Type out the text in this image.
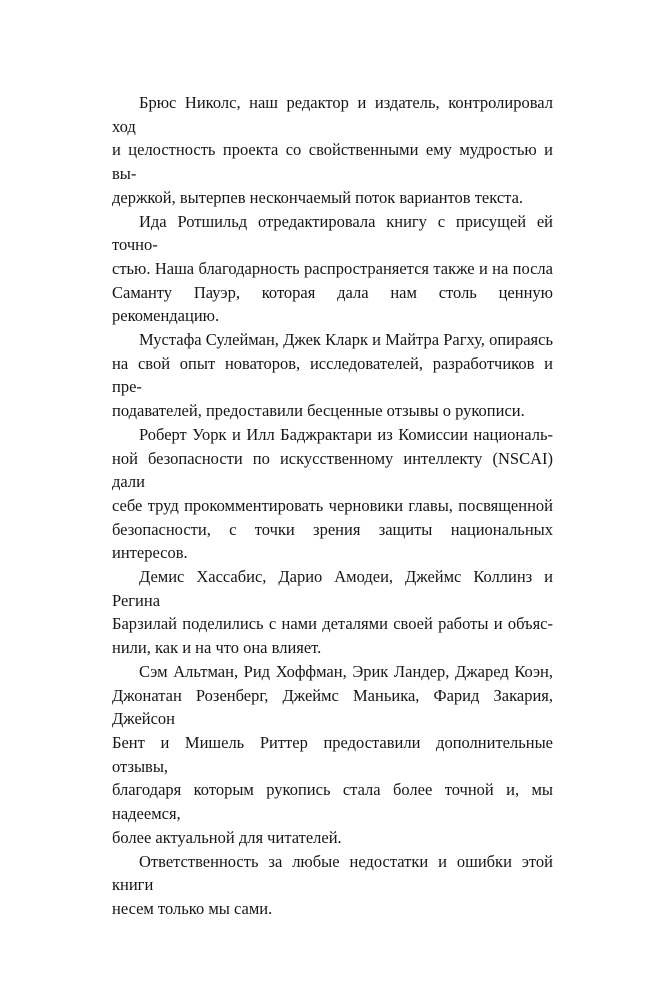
Брюс Николс, наш редактор и издатель, контролировал ход
и целостность проекта со свойственными ему мудростью и вы-
держкой, вытерпев нескончаемый поток вариантов текста.

Ида Ротшильд отредактировала книгу с присущей ей точно-
стью. Наша благодарность распространяется также и на посла
Саманту Пауэр, которая дала нам столь ценную рекомендацию.

Мустафа Сулейман, Джек Кларк и Майтра Рагху, опираясь
на свой опыт новаторов, исследователей, разработчиков и пре-
подавателей, предоставили бесценные отзывы о рукописи.

Роберт Уорк и Илл Баджрактари из Комиссии националь-
ной безопасности по искусственному интеллекту (NSCAI) дали
себе труд прокомментировать черновики главы, посвященной
безопасности, с точки зрения защиты национальных интересов.

Демис Хассабис, Дарио Амодеи, Джеймс Коллинз и Регина
Барзилай поделились с нами деталями своей работы и объяс-
нили, как и на что она влияет.

Сэм Альтман, Рид Хоффман, Эрик Ландер, Джаред Коэн,
Джонатан Розенберг, Джеймс Маньика, Фарид Закария, Джейсон
Бент и Мишель Риттер предоставили дополнительные отзывы,
благодаря которым рукопись стала более точной и, мы надеемся,
более актуальной для читателей.

Ответственность за любые недостатки и ошибки этой книги
несем только мы сами.
